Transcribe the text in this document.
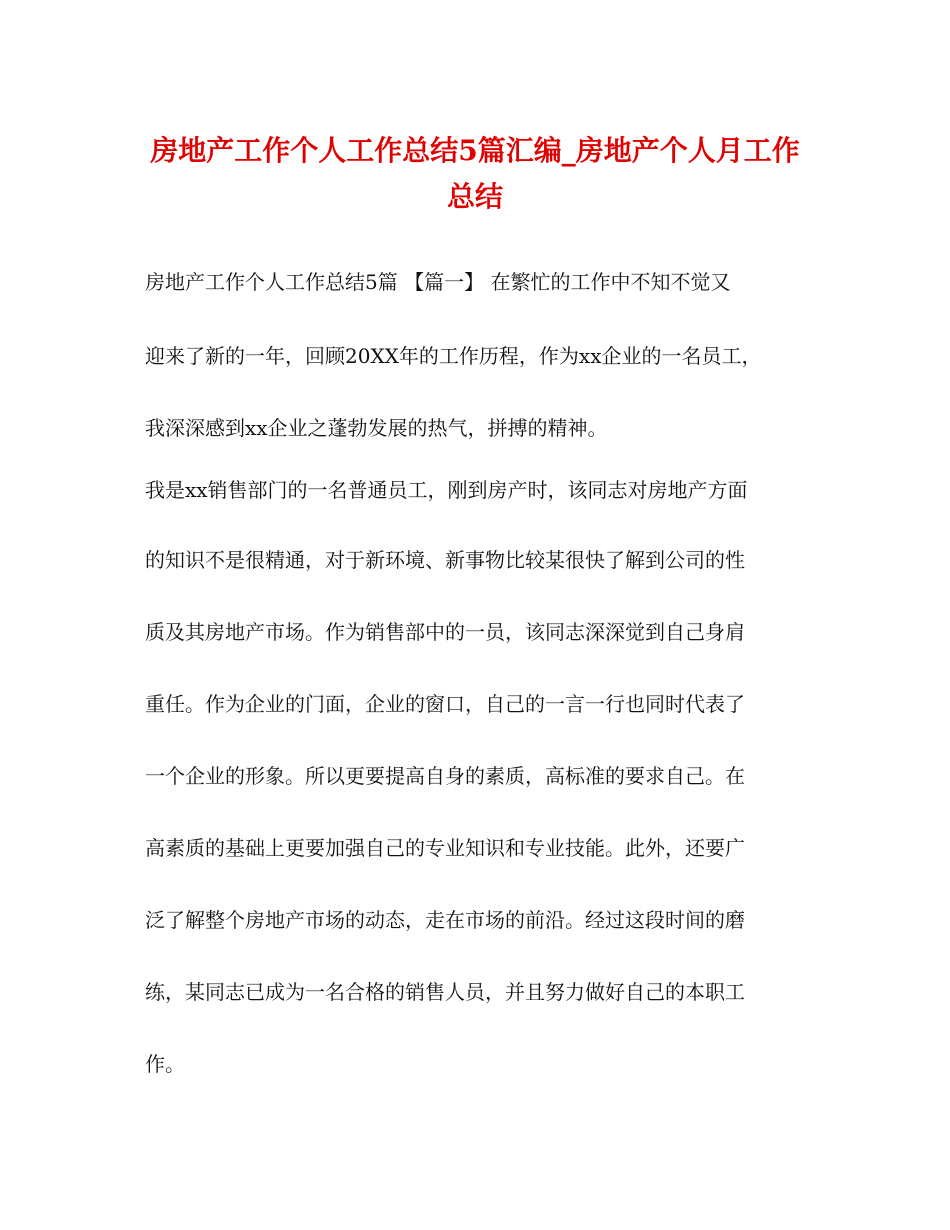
房地产工作个人工作总结5篇汇编_房地产个人月工作总结

房地产工作个人工作总结5篇 【篇一】 在繁忙的工作中不知不觉又

迎来了新的一年，回顾20XX年的工作历程，作为xx企业的一名员工，

我深深感到xx企业之蓬勃发展的热气，拼搏的精神。

我是xx销售部门的一名普通员工，刚到房产时，该同志对房地产方面

的知识不是很精通，对于新环境、新事物比较某很快了解到公司的性

质及其房地产市场。作为销售部中的一员，该同志深深觉到自己身肩

重任。作为企业的门面，企业的窗口，自己的一言一行也同时代表了

一个企业的形象。所以更要提高自身的素质，高标准的要求自己。在

高素质的基础上更要加强自己的专业知识和专业技能。此外，还要广

泛了解整个房地产市场的动态，走在市场的前沿。经过这段时间的磨

练，某同志已成为一名合格的销售人员，并且努力做好自己的本职工

作。
